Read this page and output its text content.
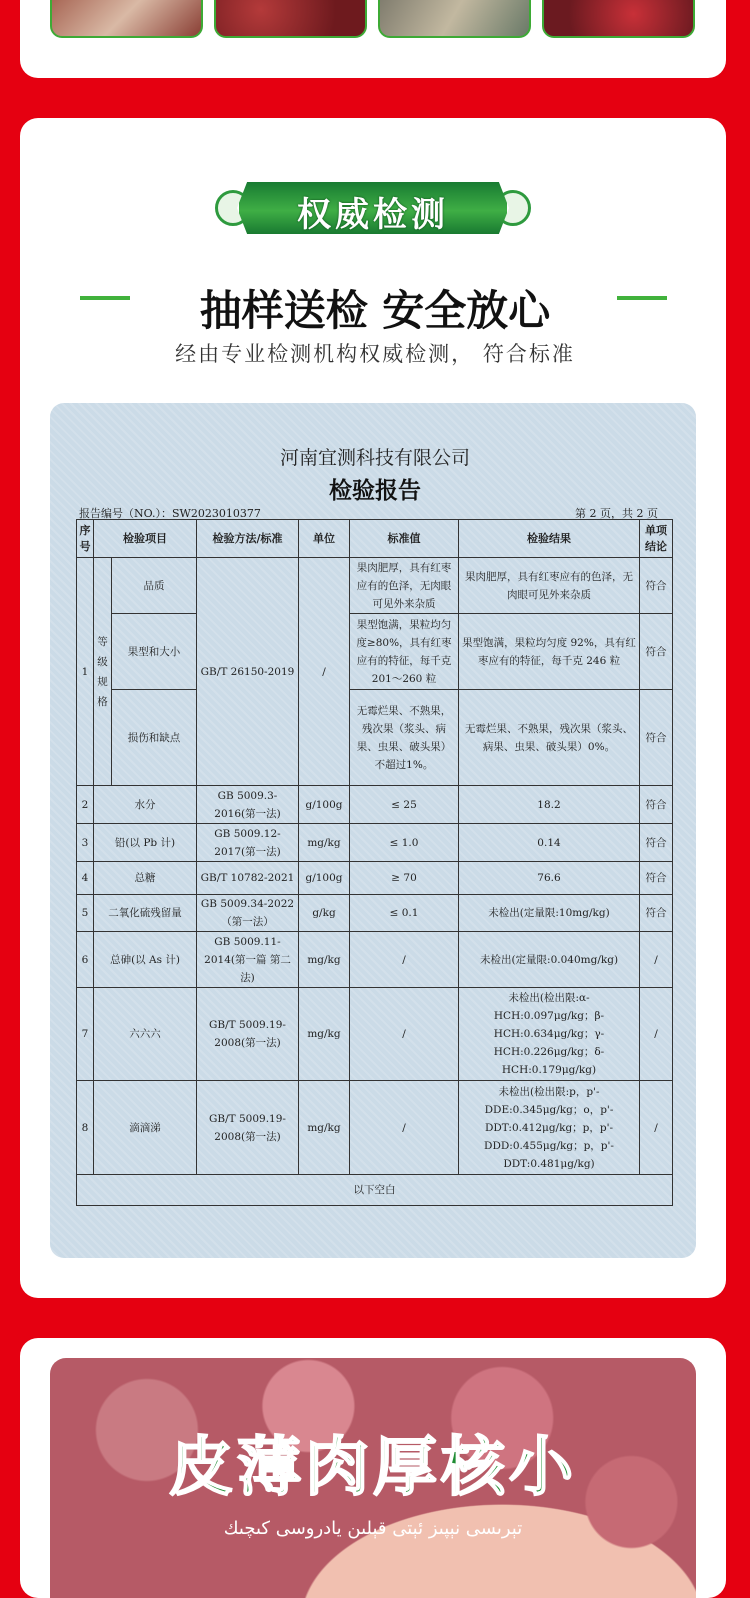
权威检测
抽样送检 安全放心
经由专业检测机构权威检测， 符合标准
河南宜测科技有限公司
检验报告
报告编号（NO.）：SW2023010377	第 2 页，共 2 页
序号	检验项目		检验方法/标准	单位	标准值	检验结果	单项结论
1	等级规格	品质	GB/T 26150-2019	/	果肉肥厚，具有红枣应有的色泽，无肉眼可见外来杂质	果肉肥厚，具有红枣应有的色泽，无肉眼可见外来杂质	符合
		果型和大小			果型饱满，果粒均匀度≥80%，具有红枣应有的特征，每千克 201～260 粒	果型饱满，果粒均匀度 92%，具有红枣应有的特征，每千克 246 粒	符合
		损伤和缺点			无霉烂果、不熟果，残次果（浆头、病果、虫果、破头果）不超过1%。	无霉烂果、不熟果，残次果（浆头、病果、虫果、破头果）0%。	符合
2	水分		GB 5009.3-2016(第一法)	g/100g	≤ 25	18.2	符合
3	铅(以 Pb 计)		GB 5009.12-2017(第一法)	mg/kg	≤ 1.0	0.14	符合
4	总糖		GB/T 10782-2021	g/100g	≥ 70	76.6	符合
5	二氧化硫残留量		GB 5009.34-2022（第一法）	g/kg	≤ 0.1	未检出(定量限:10mg/kg)	符合
6	总砷(以 As 计)		GB 5009.11-2014(第一篇 第二法)	mg/kg	/	未检出(定量限:0.040mg/kg)	/
7	六六六		GB/T 5009.19-2008(第一法)	mg/kg	/	未检出(检出限:α-HCH:0.097μg/kg；β-HCH:0.634μg/kg；γ-HCH:0.226μg/kg；δ-HCH:0.179μg/kg)	/
8	滴滴涕		GB/T 5009.19-2008(第一法)	mg/kg	/	未检出(检出限:p，p'-DDE:0.345μg/kg；o，p'-DDT:0.412μg/kg；p，p'-DDD:0.455μg/kg；p，p'-DDT:0.481μg/kg)	/
以下空白							
皮薄肉厚核小
تېرىسى نېپىز ئېتى قېلىن يادروسى كىچىك
